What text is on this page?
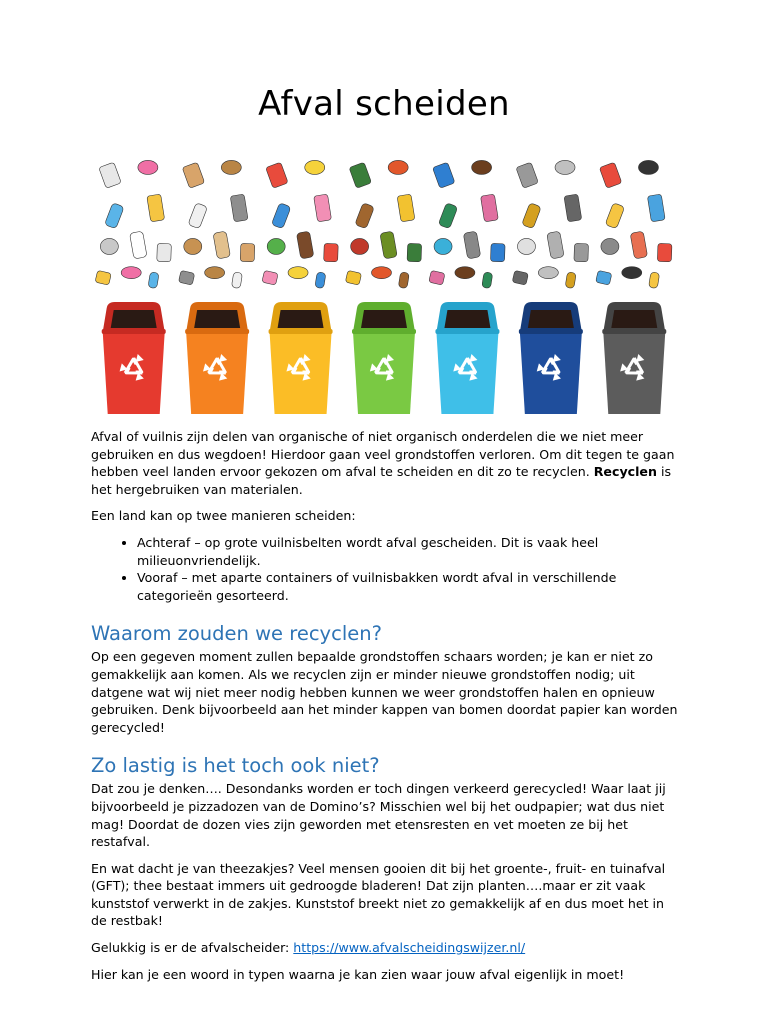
Afval scheiden

Afval of vuilnis zijn delen van organische of niet organisch onderdelen die we niet meer gebruiken en dus wegdoen! Hierdoor gaan veel grondstoffen verloren. Om dit tegen te gaan hebben veel landen ervoor gekozen om afval te scheiden en dit zo te recyclen. Recyclen is het hergebruiken van materialen.

Een land kan op twee manieren scheiden:

• Achteraf – op grote vuilnisbelten wordt afval gescheiden. Dit is vaak heel milieuonvriendelijk.
• Vooraf – met aparte containers of vuilnisbakken wordt afval in verschillende categorieën gesorteerd.
Waarom zouden we recyclen?

Op een gegeven moment zullen bepaalde grondstoffen schaars worden; je kan er niet zo gemakkelijk aan komen. Als we recyclen zijn er minder nieuwe grondstoffen nodig; uit datgene wat wij niet meer nodig hebben kunnen we weer grondstoffen halen en opnieuw gebruiken. Denk bijvoorbeeld aan het minder kappen van bomen doordat papier kan worden gerecycled!

Zo lastig is het toch ook niet?

Dat zou je denken…. Desondanks worden er toch dingen verkeerd gerecycled! Waar laat jij bijvoorbeeld je pizzadozen van de Domino’s? Misschien wel bij het oudpapier; wat dus niet mag! Doordat de dozen vies zijn geworden met etensresten en vet moeten ze bij het restafval.

En wat dacht je van theezakjes? Veel mensen gooien dit bij het groente-, fruit- en tuinafval (GFT); thee bestaat immers uit gedroogde bladeren! Dat zijn planten….maar er zit vaak kunststof verwerkt in de zakjes. Kunststof breekt niet zo gemakkelijk af en dus moet het in de restbak!

Gelukkig is er de afvalscheider: https://www.afvalscheidingswijzer.nl/

Hier kan je een woord in typen waarna je kan zien waar jouw afval eigenlijk in moet!
